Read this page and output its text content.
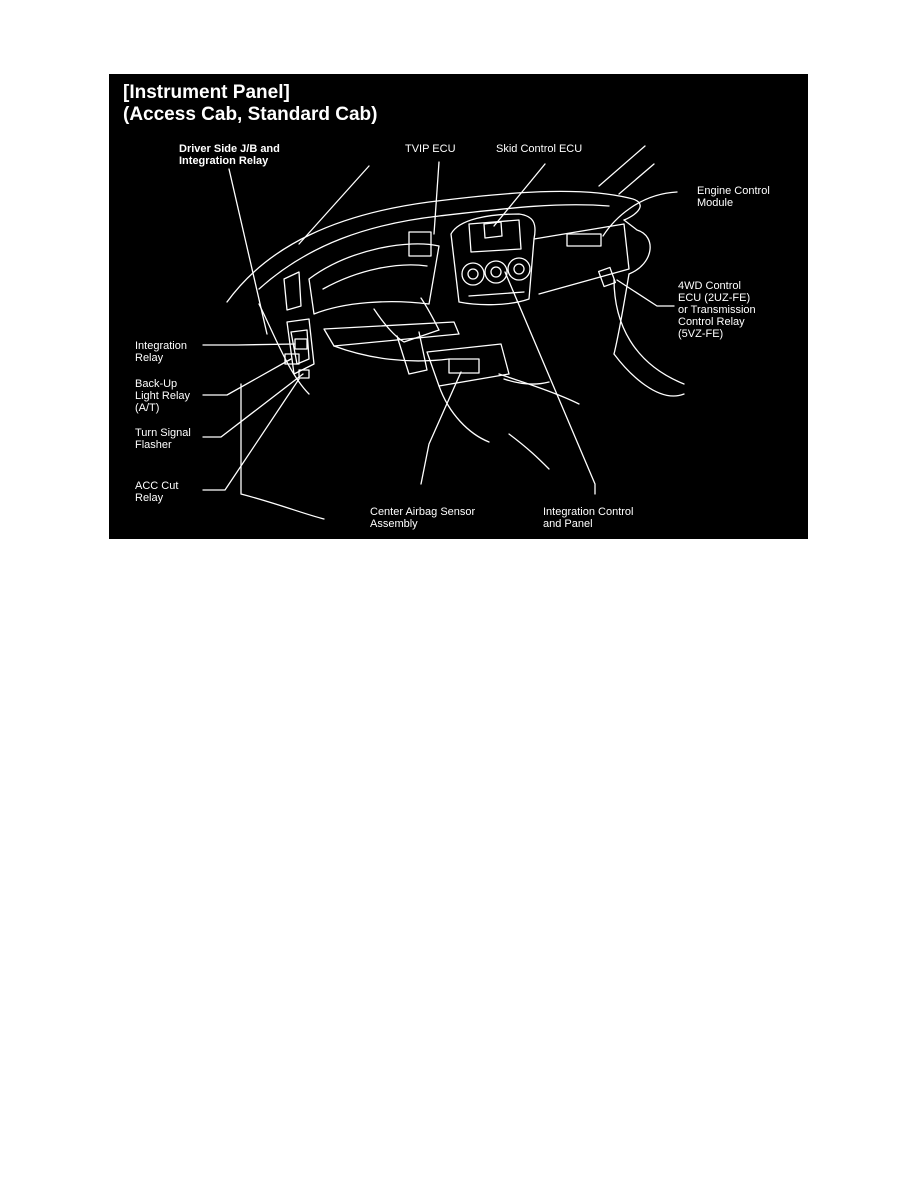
[Instrument Panel]
(Access Cab, Standard Cab)
Driver Side J/B and
Integration Relay
TVIP ECU	Skid Control ECU
Engine Control
Module
4WD Control
ECU (2UZ-FE)
or Transmission
Control Relay
(5VZ-FE)
Integration
Relay
Back-Up
Light Relay
(A/T)
Turn Signal
Flasher
ACC Cut
Relay
Center Airbag Sensor
Assembly
Integration Control
and Panel
